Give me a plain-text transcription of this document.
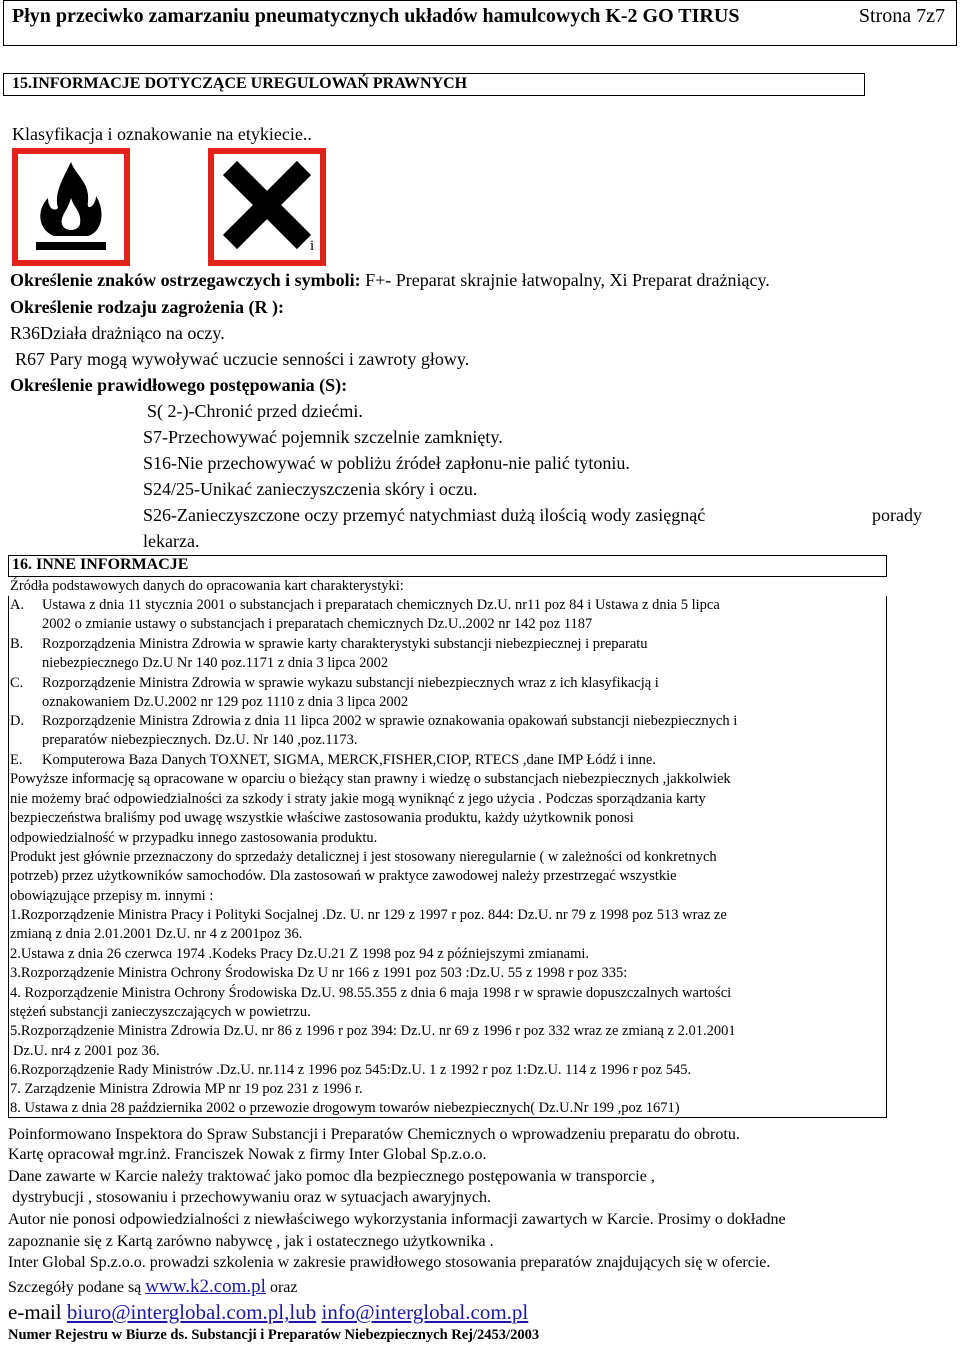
Płyn przeciwko zamarzaniu pneumatycznych układów hamulcowych K-2 GO TIRUS	Strona 7z7
15.INFORMACJE DOTYCZĄCE UREGULOWAŃ PRAWNYCH
Klasyfikacja i oznakowanie na etykiecie..
i
Określenie znaków ostrzegawczych i symboli: F+- Preparat skrajnie łatwopalny, Xi Preparat drażniący.
Określenie rodzaju zagrożenia (R ):
R36Działa drażniąco na oczy.
R67 Pary mogą wywoływać uczucie senności i zawroty głowy.
Określenie prawidłowego postępowania (S):
S( 2-)-Chronić przed dziećmi.
S7-Przechowywać pojemnik szczelnie zamknięty.
S16-Nie przechowywać w pobliżu źródeł zapłonu-nie palić tytoniu.
S24/25-Unikać zanieczyszczenia skóry i oczu.
S26-Zanieczyszczone oczy przemyć natychmiast dużą ilością wody zasięgnąć	porady
lekarza.
16. INNE INFORMACJE
Źródła podstawowych danych do opracowania kart charakterystyki:
A. Ustawa z dnia 11 stycznia 2001 o substancjach i preparatach chemicznych Dz.U. nr11 poz 84 i Ustawa z dnia 5 lipca
2002 o zmianie ustawy o substancjach i preparatach chemicznych Dz.U..2002 nr 142 poz 1187
B. Rozporządzenia Ministra Zdrowia w sprawie karty charakterystyki substancji niebezpiecznej i preparatu
niebezpiecznego Dz.U Nr 140 poz.1171 z dnia 3 lipca 2002
C. Rozporządzenie Ministra Zdrowia w sprawie wykazu substancji niebezpiecznych wraz z ich klasyfikacją i
oznakowaniem Dz.U.2002 nr 129 poz 1110 z dnia 3 lipca 2002
D. Rozporządzenie Ministra Zdrowia z dnia 11 lipca 2002 w sprawie oznakowania opakowań substancji niebezpiecznych i
preparatów niebezpiecznych. Dz.U. Nr 140 ,poz.1173.
E. Komputerowa Baza Danych TOXNET, SIGMA, MERCK,FISHER,CIOP, RTECS ,dane IMP Łódź i inne.
Powyższe informację są opracowane w oparciu o bieżący stan prawny i wiedzę o substancjach niebezpiecznych ,jakkolwiek
nie możemy brać odpowiedzialności za szkody i straty jakie mogą wyniknąć z jego użycia . Podczas sporządzania karty
bezpieczeństwa braliśmy pod uwagę wszystkie właściwe zastosowania produktu, każdy użytkownik ponosi
odpowiedzialność w przypadku innego zastosowania produktu.
Produkt jest głównie przeznaczony do sprzedaży detalicznej i jest stosowany nieregularnie ( w zależności od konkretnych
potrzeb) przez użytkowników samochodów. Dla zastosowań w praktyce zawodowej należy przestrzegać wszystkie
obowiązujące przepisy m. innymi :
1.Rozporządzenie Ministra Pracy i Polityki Socjalnej .Dz. U. nr 129 z 1997 r poz. 844: Dz.U. nr 79 z 1998 poz 513 wraz ze
zmianą z dnia 2.01.2001 Dz.U. nr 4 z 2001poz 36.
2.Ustawa z dnia 26 czerwca 1974 .Kodeks Pracy Dz.U.21 Z 1998 poz 94 z późniejszymi zmianami.
3.Rozporządzenie Ministra Ochrony Środowiska Dz U nr 166 z 1991 poz 503 :Dz.U. 55 z 1998 r poz 335:
4. Rozporządzenie Ministra Ochrony Środowiska Dz.U. 98.55.355 z dnia 6 maja 1998 r w sprawie dopuszczalnych wartości
stężeń substancji zanieczyszczających w powietrzu.
5.Rozporządzenie Ministra Zdrowia Dz.U. nr 86 z 1996 r poz 394: Dz.U. nr 69 z 1996 r poz 332 wraz ze zmianą z 2.01.2001
Dz.U. nr4 z 2001 poz 36.
6.Rozporządzenie Rady Ministrów .Dz.U. nr.114 z 1996 poz 545:Dz.U. 1 z 1992 r poz 1:Dz.U. 114 z 1996 r poz 545.
7. Zarządzenie Ministra Zdrowia MP nr 19 poz 231 z 1996 r.
8. Ustawa z dnia 28 października 2002 o przewozie drogowym towarów niebezpiecznych( Dz.U.Nr 199 ,poz 1671)
Poinformowano Inspektora do Spraw Substancji i Preparatów Chemicznych o wprowadzeniu preparatu do obrotu.
Kartę opracował mgr.inż. Franciszek Nowak z firmy Inter Global Sp.z.o.o.
Dane zawarte w Karcie należy traktować jako pomoc dla bezpiecznego postępowania w transporcie ,
dystrybucji , stosowaniu i przechowywaniu oraz w sytuacjach awaryjnych.
Autor nie ponosi odpowiedzialności z niewłaściwego wykorzystania informacji zawartych w Karcie. Prosimy o dokładne
zapoznanie się z Kartą zarówno nabywcę , jak i ostatecznego użytkownika .
Inter Global Sp.z.o.o. prowadzi szkolenia w zakresie prawidłowego stosowania preparatów znajdujących się w ofercie.
Szczegóły podane są www.k2.com.pl oraz
e-mail biuro@interglobal.com.pl,lub info@interglobal.com.pl
Numer Rejestru w Biurze ds. Substancji i Preparatów Niebezpiecznych Rej/2453/2003
